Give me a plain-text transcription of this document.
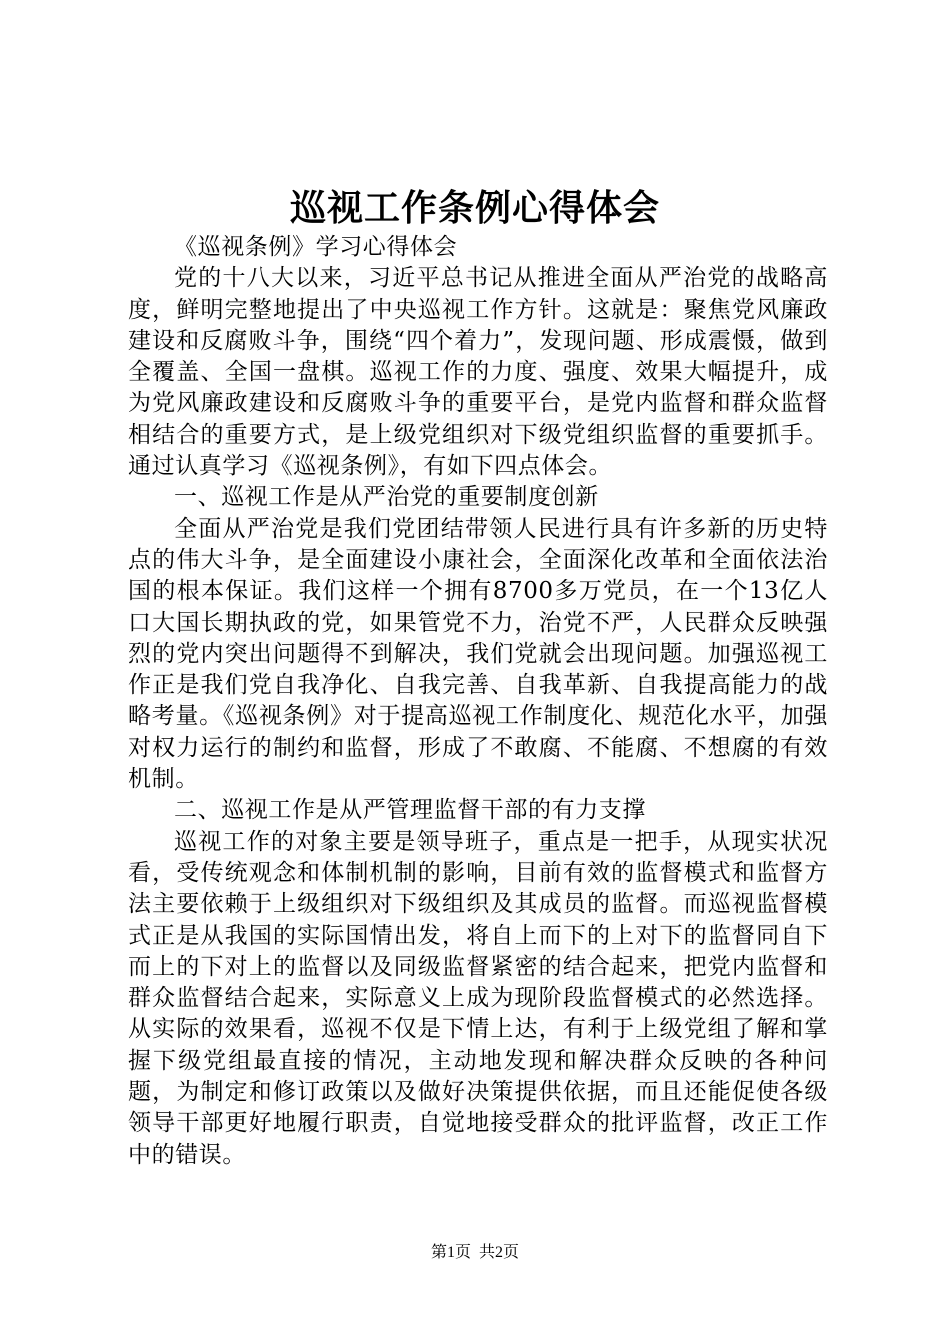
巡视工作条例心得体会

《巡视条例》学习心得体会

党的十八大以来，习近平总书记从推进全面从严治党的战略高度，鲜明完整地提出了中央巡视工作方针。这就是：聚焦党风廉政建设和反腐败斗争，围绕“四个着力”，发现问题、形成震慑，做到全覆盖、全国一盘棋。巡视工作的力度、强度、效果大幅提升，成为党风廉政建设和反腐败斗争的重要平台，是党内监督和群众监督相结合的重要方式，是上级党组织对下级党组织监督的重要抓手。通过认真学习《巡视条例》，有如下四点体会。

一、巡视工作是从严治党的重要制度创新

全面从严治党是我们党团结带领人民进行具有许多新的历史特点的伟大斗争，是全面建设小康社会，全面深化改革和全面依法治国的根本保证。我们这样一个拥有8700多万党员，在一个13亿人口大国长期执政的党，如果管党不力，治党不严，人民群众反映强烈的党内突出问题得不到解决，我们党就会出现问题。加强巡视工作正是我们党自我净化、自我完善、自我革新、自我提高能力的战略考量。《巡视条例》对于提高巡视工作制度化、规范化水平，加强对权力运行的制约和监督，形成了不敢腐、不能腐、不想腐的有效机制。

二、巡视工作是从严管理监督干部的有力支撑

巡视工作的对象主要是领导班子，重点是一把手，从现实状况看，受传统观念和体制机制的影响，目前有效的监督模式和监督方法主要依赖于上级组织对下级组织及其成员的监督。而巡视监督模式正是从我国的实际国情出发，将自上而下的上对下的监督同自下而上的下对上的监督以及同级监督紧密的结合起来，把党内监督和群众监督结合起来，实际意义上成为现阶段监督模式的必然选择。从实际的效果看，巡视不仅是下情上达，有利于上级党组了解和掌握下级党组最直接的情况，主动地发现和解决群众反映的各种问题，为制定和修订政策以及做好决策提供依据，而且还能促使各级领导干部更好地履行职责，自觉地接受群众的批评监督，改正工作中的错误。

第1页 共2页
